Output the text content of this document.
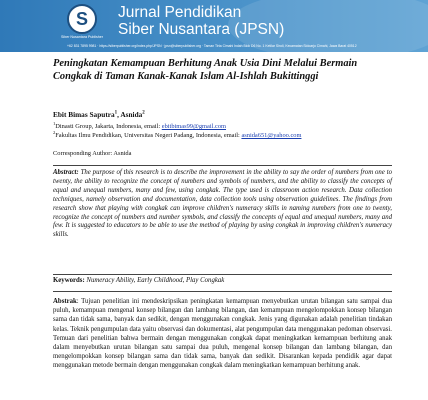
S
Siber Nusantara Publisher
Jurnal Pendidikan
Siber Nusantara (JPSN)
+62 831 7895 9981 · https://siberpublisher.org/index.php/JPSN · jpsn@siberpublisher.org · Taman Tirta Cimahi Indah Blok D6 No. 1 Ketilar Sindi, Kecamatan Sidoarjo Cimahi, Jawa Barat 40512
Peningkatan Kemampuan Berhitung Anak Usia Dini Melalui Bermain Congkak di Taman Kanak-Kanak Islam Al-Ishlah Bukittinggi
Ebit Bimas Saputra$^1$, Asnida$^2$
$^1$Dinasti Group, Jakarta, Indonesia, email: ebitbimas99@gmail.com
$^2$Fakultas Ilmu Pendidikan, Universitas Negeri Padang, Indonesia, email: asnida651@yahoo.com
Corresponding Author: Asnida

Abstract: The purpose of this research is to describe the improvement in the ability to say the order of numbers from one to twenty, the ability to recognize the concept of numbers and symbols of numbers, and the ability to classify the concepts of equal and unequal numbers, many and few, using congkak. The type used is classroom action research. Data collection techniques, namely observation and documentation, data collection tools using observation guidelines. The findings from research show that playing with congkak can improve children's numeracy skills in naming numbers from one to twenty, recognize the concept of numbers and number symbols, and classify the concepts of equal and unequal numbers, many and few. It is suggested to educators to be able to use the method of playing by using congkak in improving children's numeracy skills.

Keywords: Numeracy Ability, Early Childhood, Play Congkak

Abstrak: Tujuan penelitian ini mendeskripsikan peningkatan kemampuan menyebutkan urutan bilangan satu sampai dua puluh, kemampuan mengenal konsep bilangan dan lambang bilangan, dan kemampuan mengelompokkan konsep bilangan sama dan tidak sama, banyak dan sedikit, dengan menggunakan congkak. Jenis yang digunakan adalah penelitian tindakan kelas. Teknik pengumpulan data yaitu observasi dan dokumentasi, alat pengumpulan data menggunakan pedoman observasi. Temuan dari penelitian bahwa bermain dengan menggunakan congkak dapat meningkatkan kemampuan berhitung anak dalam menyebutkan urutan bilangan satu sampai dua puluh, mengenal konsep bilangan dan lambang bilangan, dan mengelompokkan konsep bilangan sama dan tidak sama, banyak dan sedikit. Disarankan kepada pendidik agar dapat menggunakan metode bermain dengan menggunakan congkak dalam meningkatkan kemampuan berhitung anak.
